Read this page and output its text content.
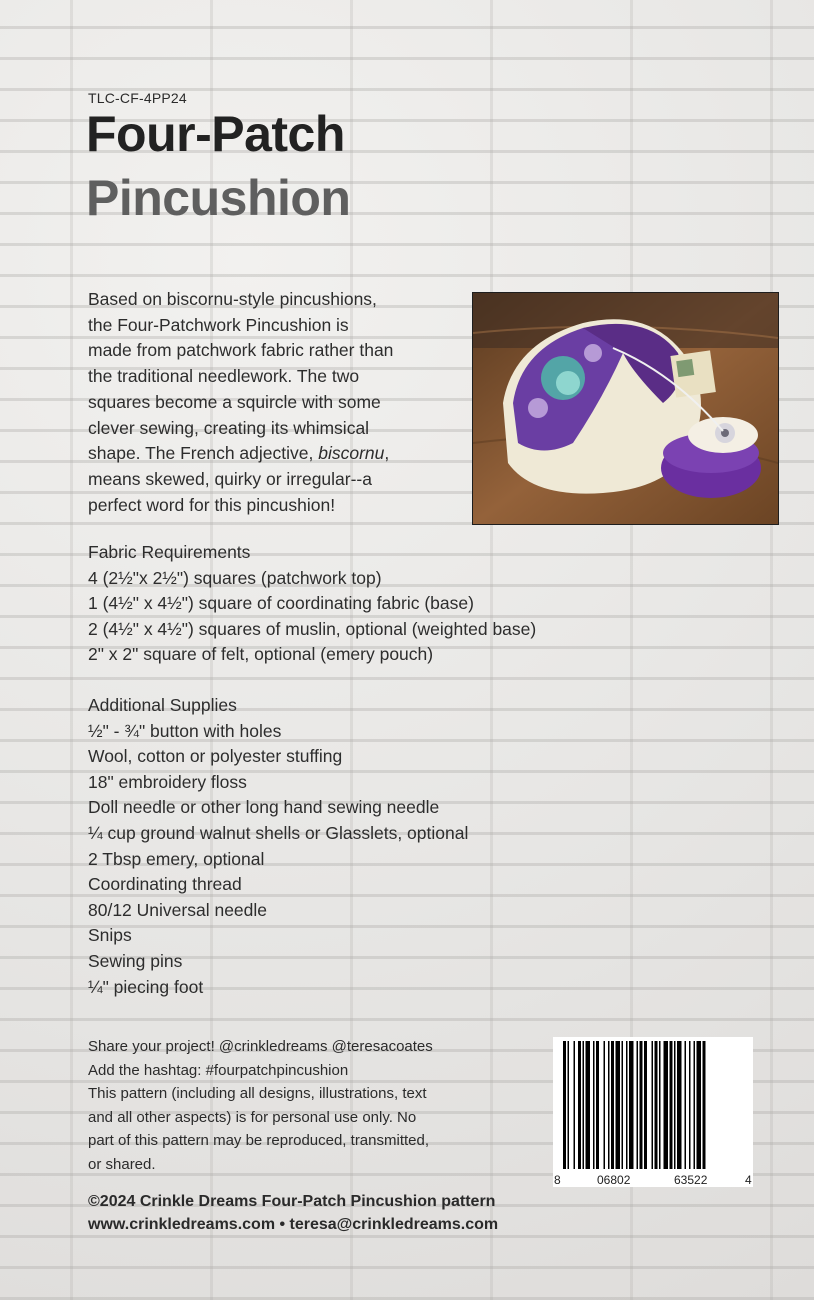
TLC-CF-4PP24
Four-Patch
Pincushion
Based on biscornu-style pincushions,
the Four-Patchwork Pincushion is
made from patchwork fabric rather than
the traditional needlework. The two
squares become a squircle with some
clever sewing, creating its whimsical
shape. The French adjective, biscornu,
means skewed, quirky or irregular--a
perfect word for this pincushion!
Fabric Requirements
4 (2½"x 2½") squares (patchwork top)
1 (4½" x 4½") square of coordinating fabric (base)
2 (4½" x 4½") squares of muslin, optional (weighted base)
2" x 2" square of felt, optional (emery pouch)
Additional Supplies
½" - ¾" button with holes
Wool, cotton or polyester stuffing
18" embroidery floss
Doll needle or other long hand sewing needle
¼ cup ground walnut shells or Glasslets, optional
2 Tbsp emery, optional
Coordinating thread
80/12 Universal needle
Snips
Sewing pins
¼" piecing foot
Share your project! @crinkledreams @teresacoates
Add the hashtag: #fourpatchpincushion
This pattern (including all designs, illustrations, text
and all other aspects) is for personal use only. No
part of this pattern may be reproduced, transmitted,
or shared.
8	06802	63522	4
©2024 Crinkle Dreams Four-Patch Pincushion pattern
www.crinkledreams.com • teresa@crinkledreams.com
